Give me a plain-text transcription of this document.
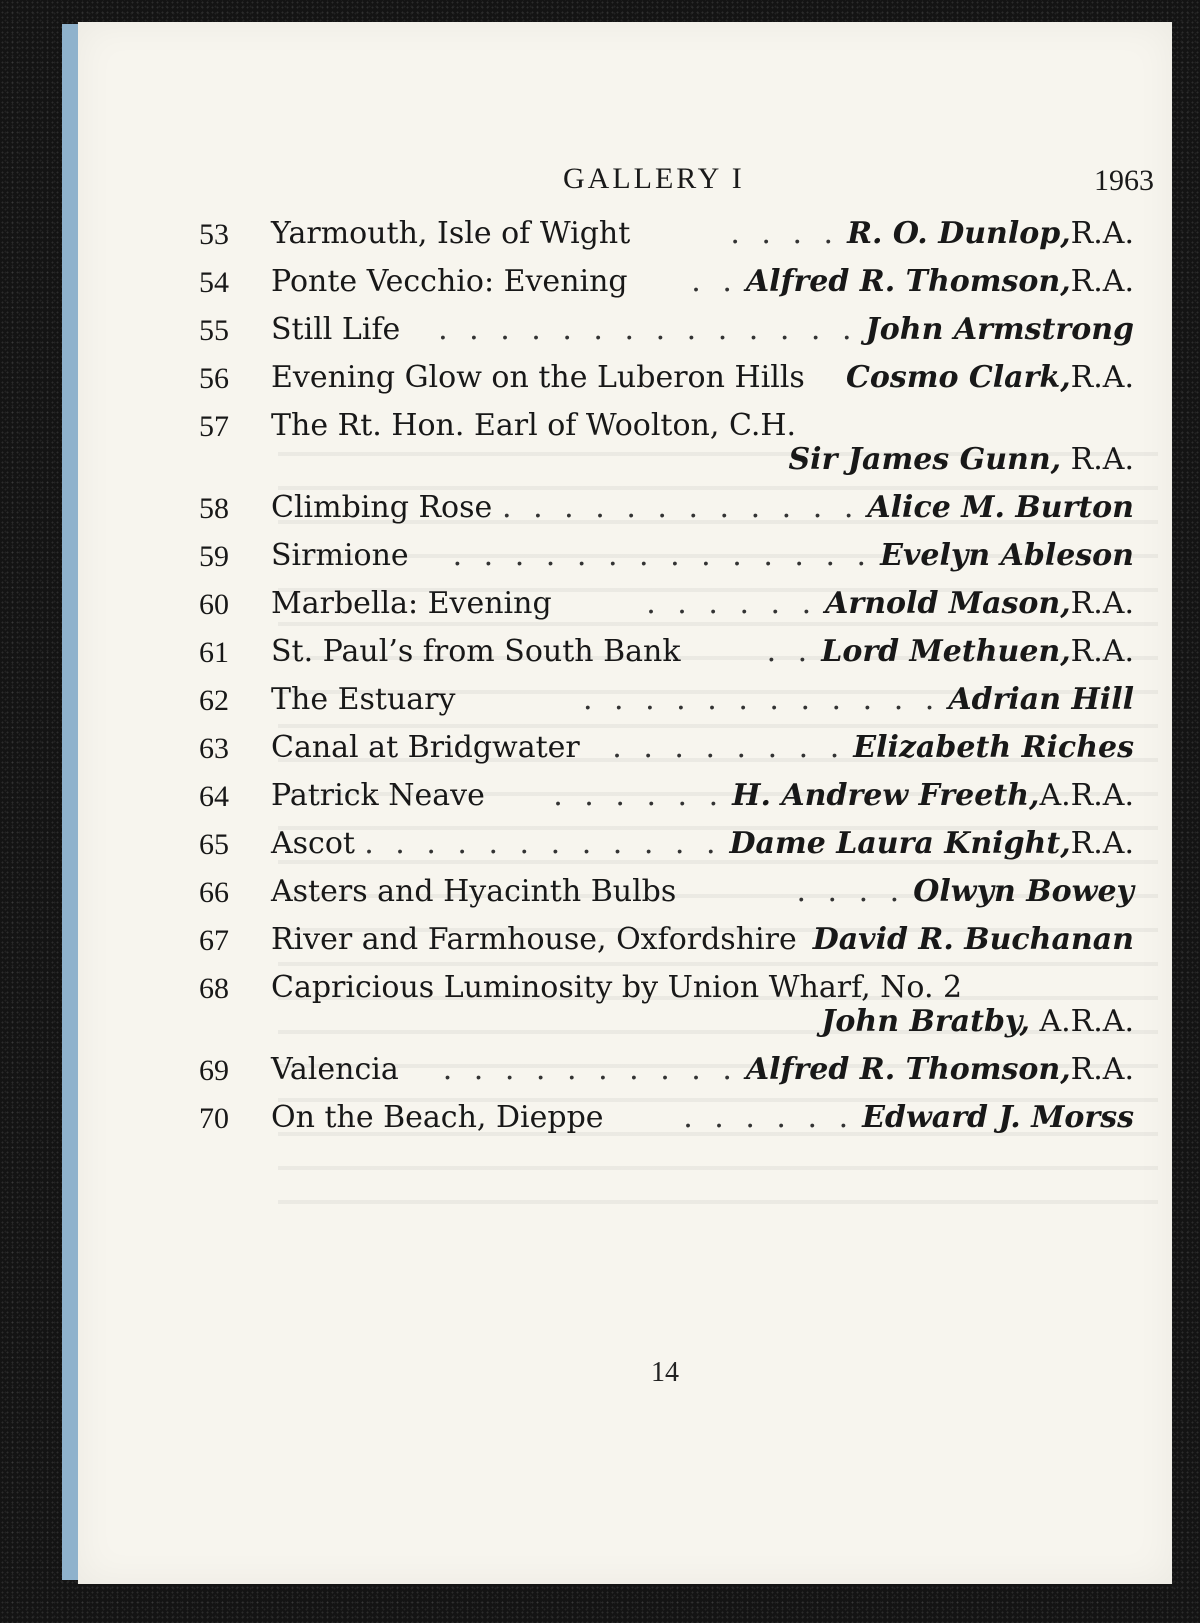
GALLERY I	1963
53 Yarmouth, Isle of Wight	. . . . R. O. Dunlop, R.A.
54 Ponte Vecchio: Evening	. . Alfred R. Thomson, R.A.
55 Still Life	. . . . . . . . . . . . . . John Armstrong
56 Evening Glow on the Luberon Hills Cosmo Clark, R.A.
57 The Rt. Hon. Earl of Woolton, C.H.
Sir James Gunn, R.A.
58 Climbing Rose . . . . . . . . . . . . Alice M. Burton
59 Sirmione	. . . . . . . . . . . . . . Evelyn Ableson
60 Marbella: Evening	. . . . . . Arnold Mason, R.A.
61 St. Paul’s from South Bank	. . Lord Methuen, R.A.
62 The Estuary	. . . . . . . . . . . . Adrian Hill
63 Canal at Bridgwater	. . . . . . . . Elizabeth Riches
64 Patrick Neave	. . . . . . H. Andrew Freeth, A.R.A.
65 Ascot . . . . . . . . . . . . Dame Laura Knight, R.A.
66 Asters and Hyacinth Bulbs	. . . . Olwyn Bowey
67 River and Farmhouse, Oxfordshire David R. Buchanan
68 Capricious Luminosity by Union Wharf, No. 2
John Bratby, A.R.A.
69 Valencia	. . . . . . . . . . Alfred R. Thomson, R.A.
70 On the Beach, Dieppe	. . . . . . Edward J. Morss
14
